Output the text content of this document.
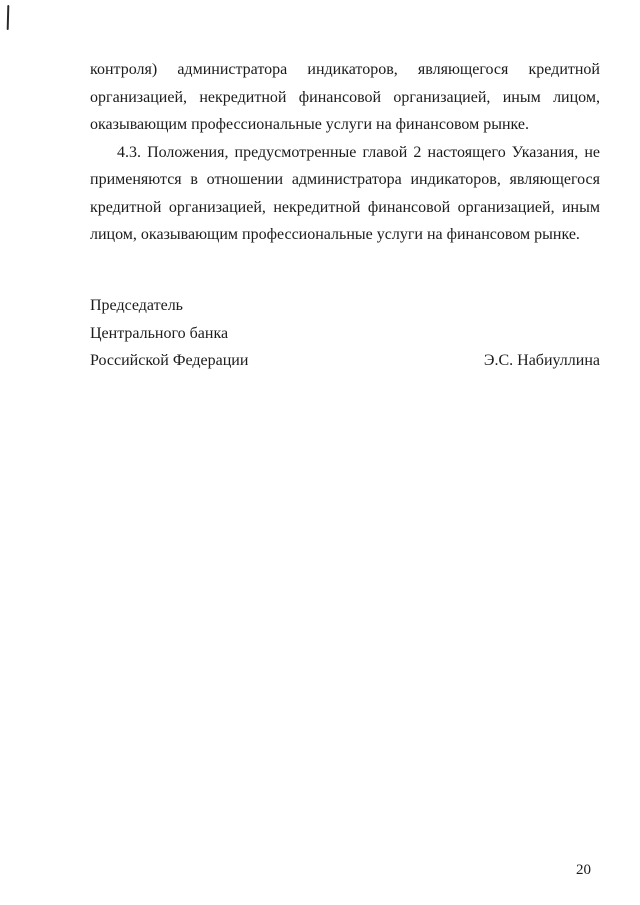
контроля) администратора индикаторов, являющегося кредитной
организацией, некредитной финансовой организацией, иным лицом,
оказывающим профессиональные услуги на финансовом рынке.
4.3. Положения, предусмотренные главой 2 настоящего Указания, не
применяются в отношении администратора индикаторов, являющегося
кредитной организацией, некредитной финансовой организацией, иным
лицом, оказывающим профессиональные услуги на финансовом рынке.
Председатель
Центрального банка
Российской Федерации	Э.С. Набиуллина
20
